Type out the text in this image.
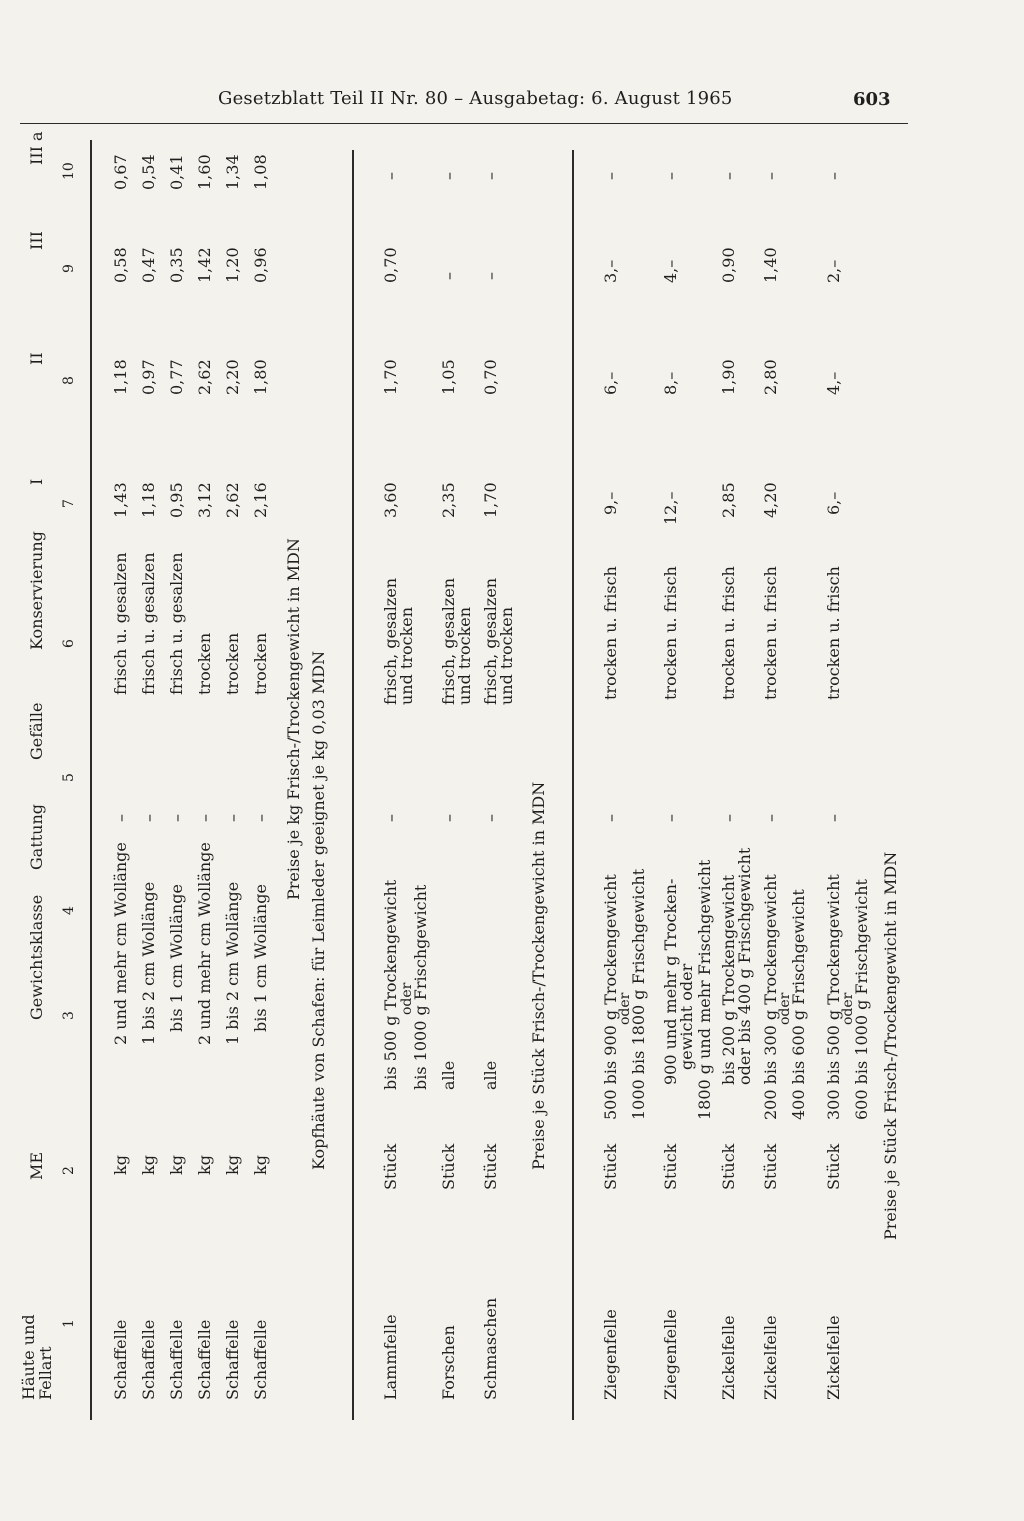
Gesetzblatt Teil II Nr. 80 – Ausgabetag: 6. August 1965	603
Häute und
Fellart
ME
Gewichtsklasse
Gattung
Gefälle
Konservierung
I
II
III
III a
1
2
3
4
5
6
7
8
9
10
Schaffelle
kg
2 und mehr cm Wollänge
–
frisch u. gesalzen
1,43
1,18
0,58
0,67
Schaffelle
kg
1 bis 2 cm Wollänge
–
frisch u. gesalzen
1,18
0,97
0,47
0,54
Schaffelle
kg
bis 1 cm Wollänge
–
frisch u. gesalzen
0,95
0,77
0,35
0,41
Schaffelle
kg
2 und mehr cm Wollänge
–
trocken
3,12
2,62
1,42
1,60
Schaffelle
kg
1 bis 2 cm Wollänge
–
trocken
2,62
2,20
1,20
1,34
Schaffelle
kg
bis 1 cm Wollänge
–
trocken
2,16
1,80
0,96
1,08
Preise je kg Frisch-/Trockengewicht in MDN Kopfhäute von Schafen: für Leimleder geeignet je kg 0,03 MDN
Lammfelle
Stück
bis 500 g Trockengewicht oder
bis 1000 g Frischgewicht
–
frisch, gesalzen
und trocken
3,60
1,70
0,70
–
Forschen
Stück
alle
–
frisch, gesalzen
und trocken
2,35
1,05
–
–
Schmaschen
Stück
alle
–
frisch, gesalzen
und trocken
1,70
0,70
–
–
Preise je Stück Frisch-/Trockengewicht in MDN
Ziegenfelle
Stück
500 bis 900 g Trockengewicht
oder
1000 bis 1800 g Frischgewicht
–
trocken u. frisch
9,–
6,–
3,–
–
Ziegenfelle
Stück
900 und mehr g Trocken-
gewicht oder 1800 g und mehr Frischgewicht
–
trocken u. frisch
12,–
8,–
4,–
–
Zickelfelle
Stück
bis 200 g Trockengewicht
oder bis 400 g Frischgewicht
–
trocken u. frisch
2,85
1,90
0,90
–
Zickelfelle
Stück
200 bis 300 g Trockengewicht
oder
400 bis 600 g Frischgewicht
–
trocken u. frisch
4,20
2,80
1,40
–
Zickelfelle
Stück
300 bis 500 g Trockengewicht
oder
600 bis 1000 g Frischgewicht
–
trocken u. frisch
6,–
4,–
2,–
–
Preise je Stück Frisch-/Trockengewicht in MDN
